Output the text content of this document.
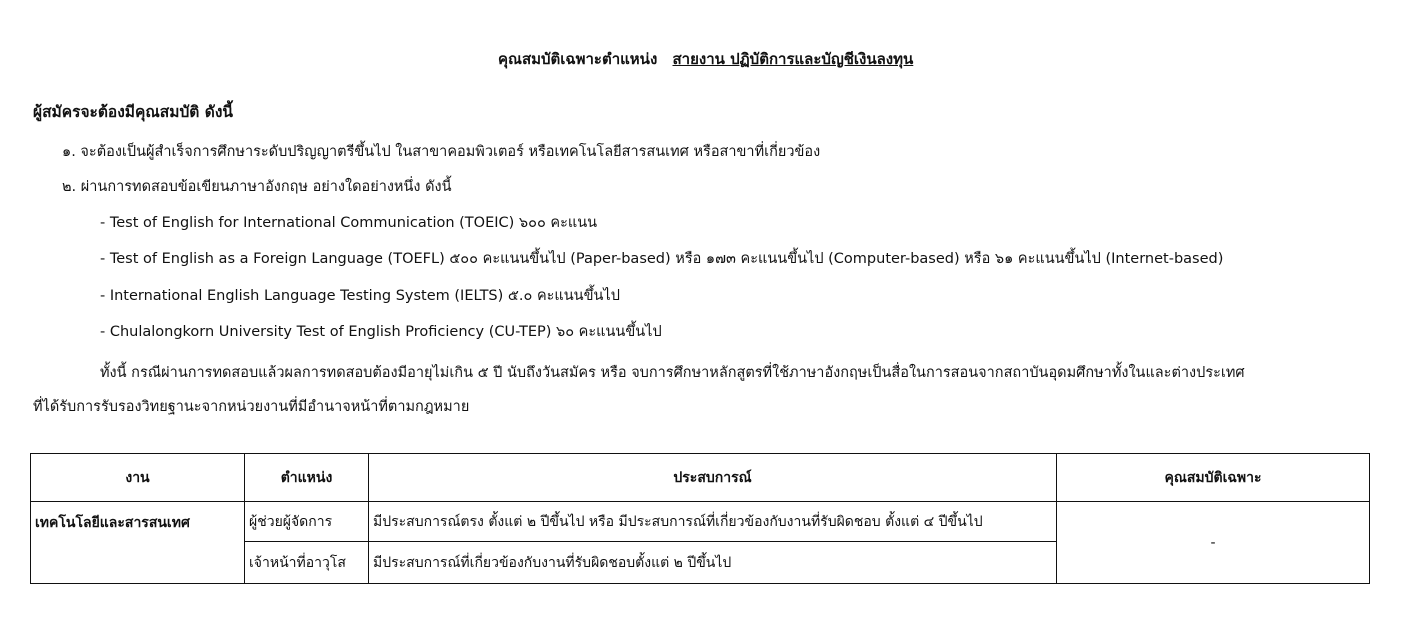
คุณสมบัติเฉพาะตำแหน่ง สายงาน ปฏิบัติการและบัญชีเงินลงทุน
ผู้สมัครจะต้องมีคุณสมบัติ ดังนี้
๑. จะต้องเป็นผู้สำเร็จการศึกษาระดับปริญญาตรีขึ้นไป ในสาขาคอมพิวเตอร์ หรือเทคโนโลยีสารสนเทศ หรือสาขาที่เกี่ยวข้อง
๒. ผ่านการทดสอบข้อเขียนภาษาอังกฤษ อย่างใดอย่างหนึ่ง ดังนี้
- Test of English for International Communication (TOEIC) ๖๐๐ คะแนน
- Test of English as a Foreign Language (TOEFL) ๕๐๐ คะแนนขึ้นไป (Paper-based) หรือ ๑๗๓ คะแนนขึ้นไป (Computer-based) หรือ ๖๑ คะแนนขึ้นไป (Internet-based)
- International English Language Testing System (IELTS) ๕.๐ คะแนนขึ้นไป
- Chulalongkorn University Test of English Proficiency (CU-TEP) ๖๐ คะแนนขึ้นไป
ทั้งนี้ กรณีผ่านการทดสอบแล้วผลการทดสอบต้องมีอายุไม่เกิน ๕ ปี นับถึงวันสมัคร หรือ จบการศึกษาหลักสูตรที่ใช้ภาษาอังกฤษเป็นสื่อในการสอนจากสถาบันอุดมศึกษาทั้งในและต่างประเทศ
ที่ได้รับการรับรองวิทยฐานะจากหน่วยงานที่มีอำนาจหน้าที่ตามกฎหมาย
งาน	ตำแหน่ง	ประสบการณ์	คุณสมบัติเฉพาะ
เทคโนโลยีและสารสนเทศ	ผู้ช่วยผู้จัดการ	มีประสบการณ์ตรง ตั้งแต่ ๒ ปีขึ้นไป หรือ มีประสบการณ์ที่เกี่ยวข้องกับงานที่รับผิดชอบ ตั้งแต่ ๔ ปีขึ้นไป	-
	เจ้าหน้าที่อาวุโส	มีประสบการณ์ที่เกี่ยวข้องกับงานที่รับผิดชอบตั้งแต่ ๒ ปีขึ้นไป	
